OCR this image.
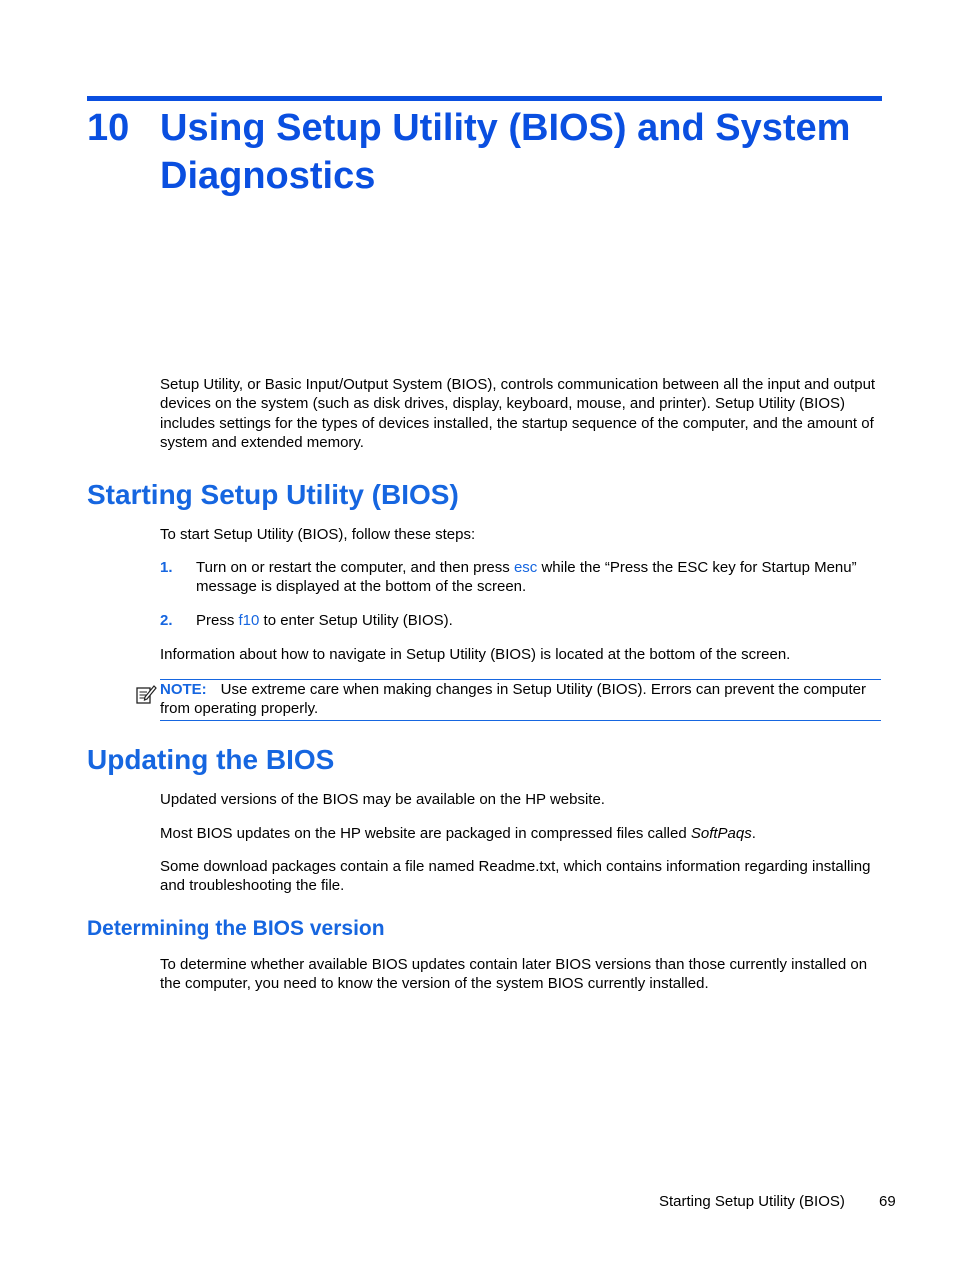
10 Using Setup Utility (BIOS) and System Diagnostics

Setup Utility, or Basic Input/Output System (BIOS), controls communication between all the input and output devices on the system (such as disk drives, display, keyboard, mouse, and printer). Setup Utility (BIOS) includes settings for the types of devices installed, the startup sequence of the computer, and the amount of system and extended memory.

Starting Setup Utility (BIOS)

To start Setup Utility (BIOS), follow these steps:

1. Turn on or restart the computer, and then press esc while the “Press the ESC key for Startup Menu” message is displayed at the bottom of the screen.
2. Press f10 to enter Setup Utility (BIOS).

Information about how to navigate in Setup Utility (BIOS) is located at the bottom of the screen.

NOTE: Use extreme care when making changes in Setup Utility (BIOS). Errors can prevent the computer from operating properly.
Updating the BIOS

Updated versions of the BIOS may be available on the HP website.

Most BIOS updates on the HP website are packaged in compressed files called SoftPaqs.

Some download packages contain a file named Readme.txt, which contains information regarding installing and troubleshooting the file.

Determining the BIOS version

To determine whether available BIOS updates contain later BIOS versions than those currently installed on the computer, you need to know the version of the system BIOS currently installed.

Starting Setup Utility (BIOS) 69
